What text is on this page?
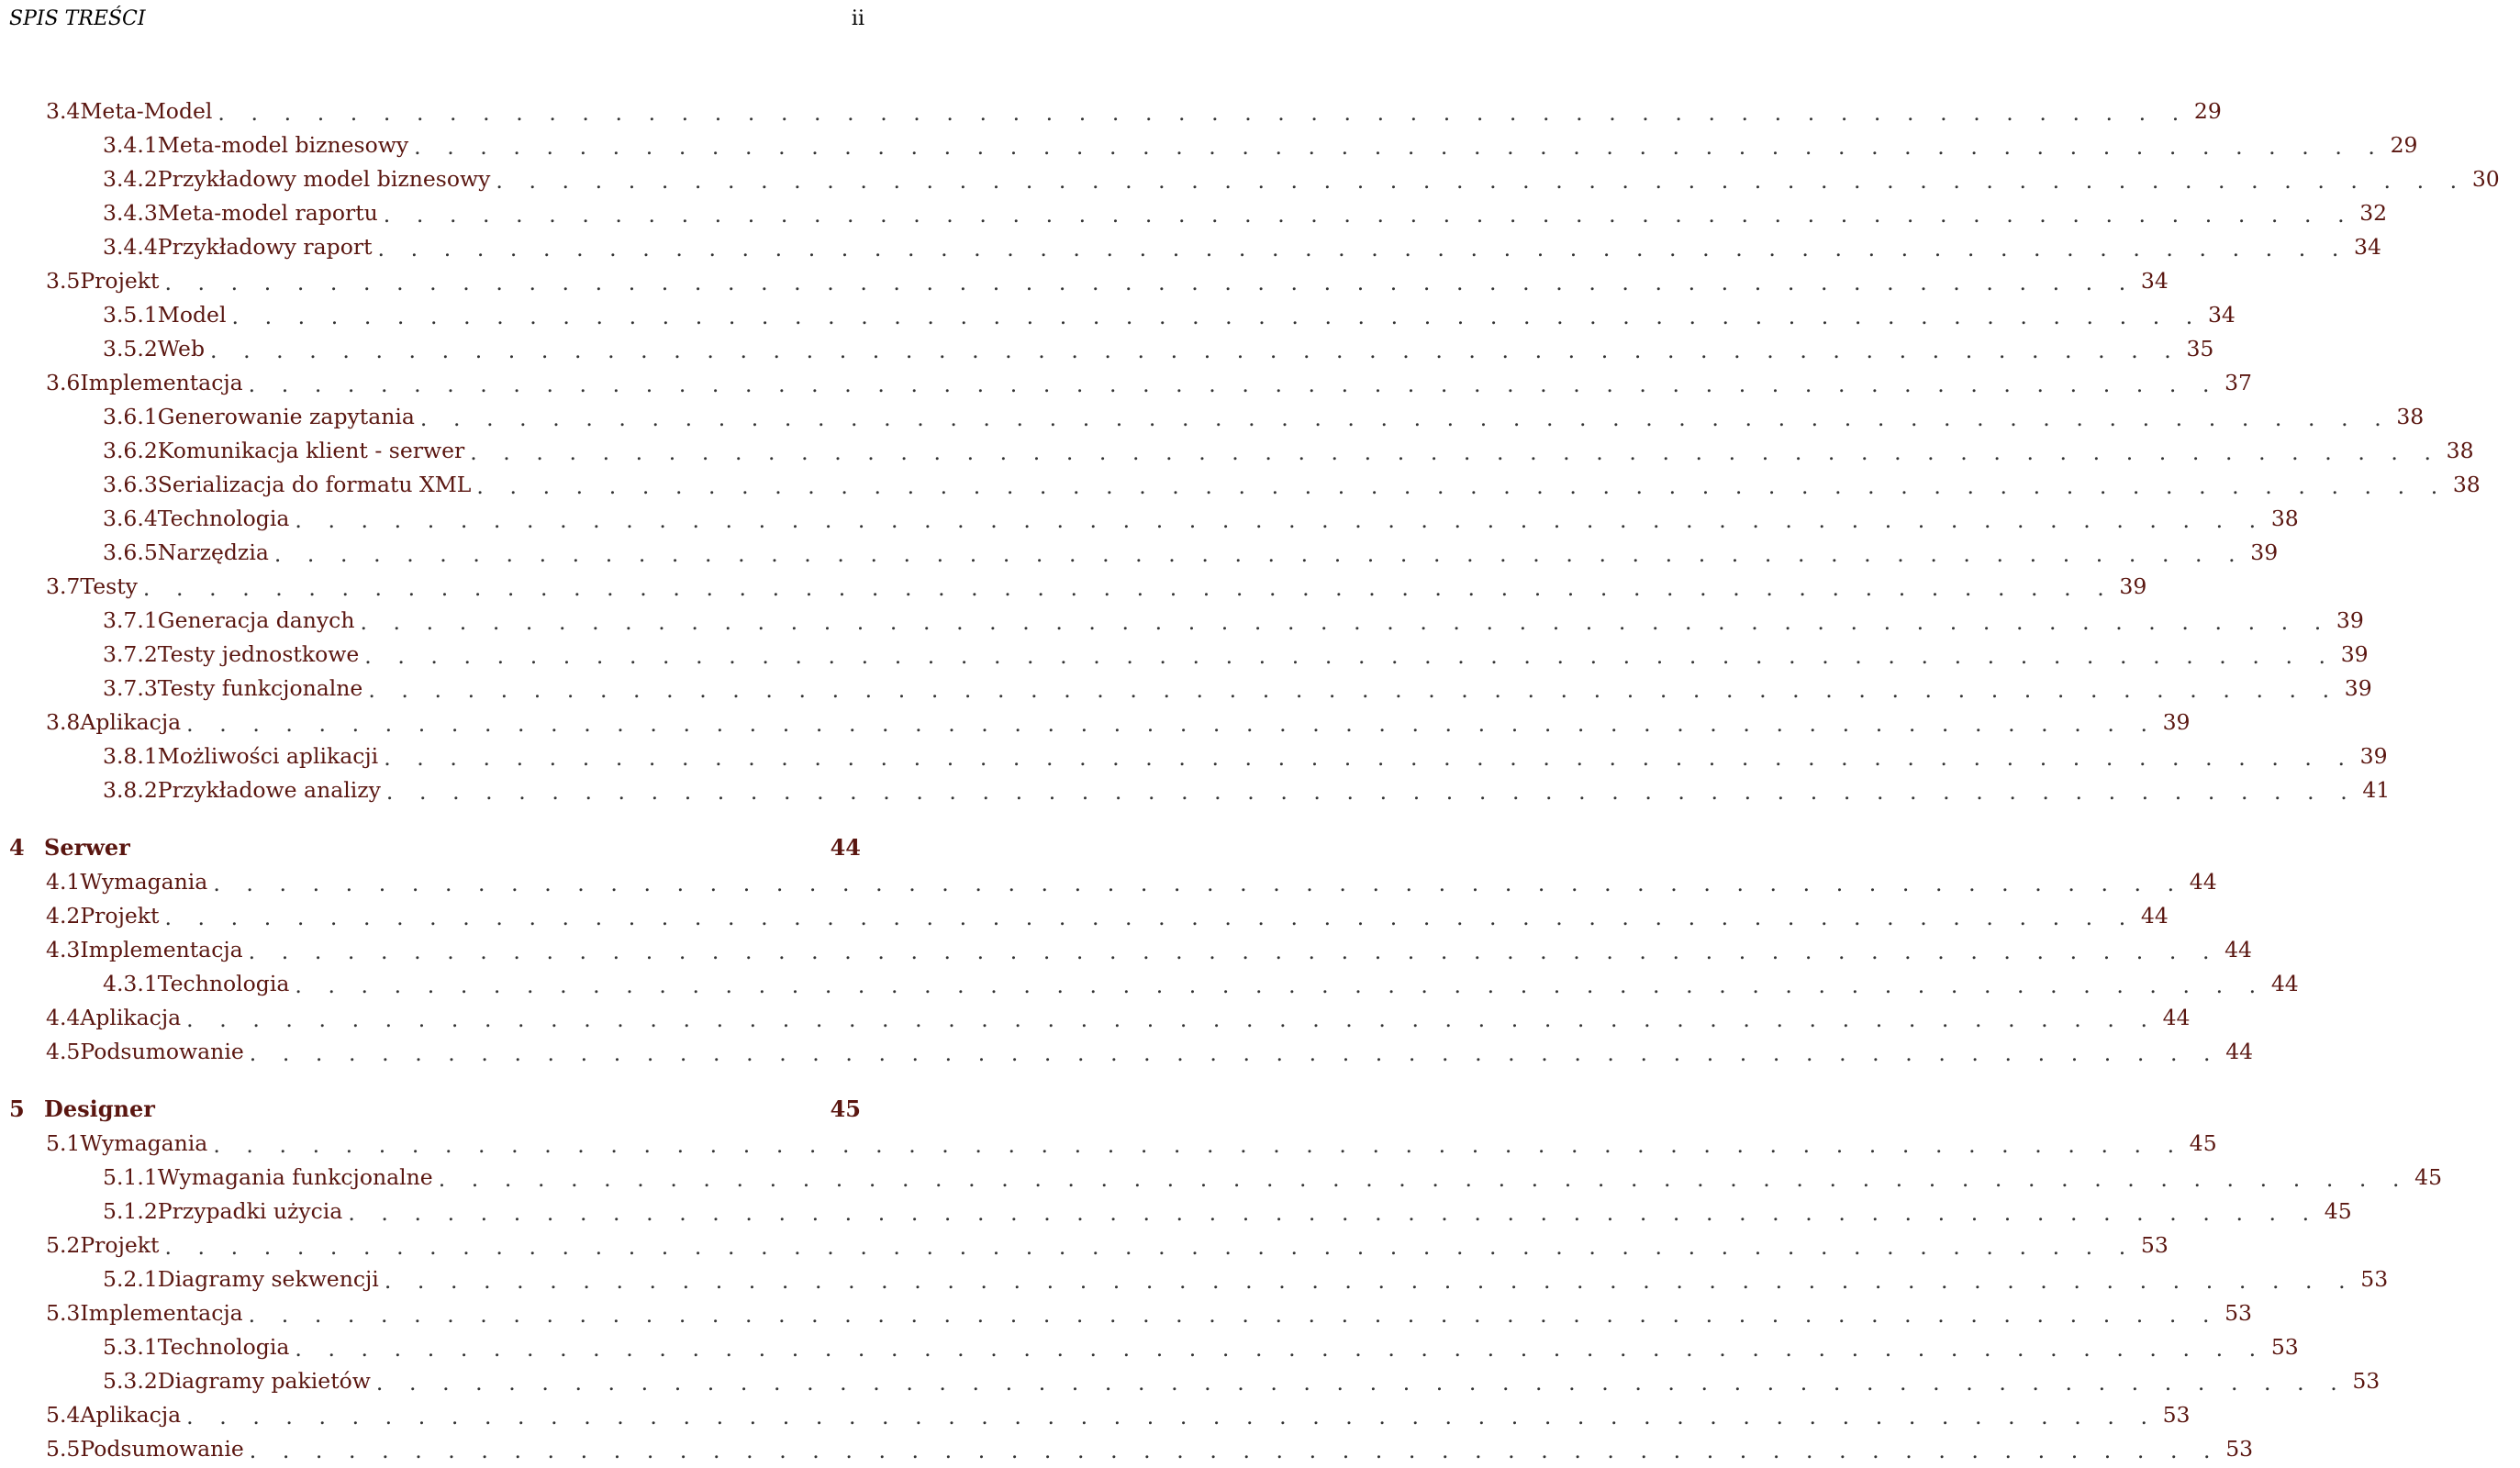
SPIS TREŚCI	ii
3.4 Meta-Model . . . . . . . . . . . . . . . . . . . . . . . . . . . . . . . . . . . . . . . . . . . . . . . . . . . . . . . . . . . . 29
3.4.1 Meta-model biznesowy . . . . . . . . . . . . . . . . . . . . . . . . . . . . . . . . . . . . . . . . . . . . . . . . . . . . . . . . . . . . 29
3.4.2 Przykładowy model biznesowy . . . . . . . . . . . . . . . . . . . . . . . . . . . . . . . . . . . . . . . . . . . . . . . . . . . . . . . . . . . . 30
3.4.3 Meta-model raportu . . . . . . . . . . . . . . . . . . . . . . . . . . . . . . . . . . . . . . . . . . . . . . . . . . . . . . . . . . . . 32
3.4.4 Przykładowy raport . . . . . . . . . . . . . . . . . . . . . . . . . . . . . . . . . . . . . . . . . . . . . . . . . . . . . . . . . . . . 34
3.5 Projekt . . . . . . . . . . . . . . . . . . . . . . . . . . . . . . . . . . . . . . . . . . . . . . . . . . . . . . . . . . . . 34
3.5.1 Model . . . . . . . . . . . . . . . . . . . . . . . . . . . . . . . . . . . . . . . . . . . . . . . . . . . . . . . . . . . . 34
3.5.2 Web . . . . . . . . . . . . . . . . . . . . . . . . . . . . . . . . . . . . . . . . . . . . . . . . . . . . . . . . . . . . 35
3.6 Implementacja . . . . . . . . . . . . . . . . . . . . . . . . . . . . . . . . . . . . . . . . . . . . . . . . . . . . . . . . . . . . 37
3.6.1 Generowanie zapytania . . . . . . . . . . . . . . . . . . . . . . . . . . . . . . . . . . . . . . . . . . . . . . . . . . . . . . . . . . . . 38
3.6.2 Komunikacja klient - serwer . . . . . . . . . . . . . . . . . . . . . . . . . . . . . . . . . . . . . . . . . . . . . . . . . . . . . . . . . . . . 38
3.6.3 Serializacja do formatu XML . . . . . . . . . . . . . . . . . . . . . . . . . . . . . . . . . . . . . . . . . . . . . . . . . . . . . . . . . . . . 38
3.6.4 Technologia . . . . . . . . . . . . . . . . . . . . . . . . . . . . . . . . . . . . . . . . . . . . . . . . . . . . . . . . . . . . 38
3.6.5 Narzędzia . . . . . . . . . . . . . . . . . . . . . . . . . . . . . . . . . . . . . . . . . . . . . . . . . . . . . . . . . . . . 39
3.7 Testy . . . . . . . . . . . . . . . . . . . . . . . . . . . . . . . . . . . . . . . . . . . . . . . . . . . . . . . . . . . . 39
3.7.1 Generacja danych . . . . . . . . . . . . . . . . . . . . . . . . . . . . . . . . . . . . . . . . . . . . . . . . . . . . . . . . . . . . 39
3.7.2 Testy jednostkowe . . . . . . . . . . . . . . . . . . . . . . . . . . . . . . . . . . . . . . . . . . . . . . . . . . . . . . . . . . . . 39
3.7.3 Testy funkcjonalne . . . . . . . . . . . . . . . . . . . . . . . . . . . . . . . . . . . . . . . . . . . . . . . . . . . . . . . . . . . . 39
3.8 Aplikacja . . . . . . . . . . . . . . . . . . . . . . . . . . . . . . . . . . . . . . . . . . . . . . . . . . . . . . . . . . . . 39
3.8.1 Możliwości aplikacji . . . . . . . . . . . . . . . . . . . . . . . . . . . . . . . . . . . . . . . . . . . . . . . . . . . . . . . . . . . . 39
3.8.2 Przykładowe analizy . . . . . . . . . . . . . . . . . . . . . . . . . . . . . . . . . . . . . . . . . . . . . . . . . . . . . . . . . . . . 41
4 Serwer	44
4.1 Wymagania . . . . . . . . . . . . . . . . . . . . . . . . . . . . . . . . . . . . . . . . . . . . . . . . . . . . . . . . . . . . 44
4.2 Projekt . . . . . . . . . . . . . . . . . . . . . . . . . . . . . . . . . . . . . . . . . . . . . . . . . . . . . . . . . . . . 44
4.3 Implementacja . . . . . . . . . . . . . . . . . . . . . . . . . . . . . . . . . . . . . . . . . . . . . . . . . . . . . . . . . . . . 44
4.3.1 Technologia . . . . . . . . . . . . . . . . . . . . . . . . . . . . . . . . . . . . . . . . . . . . . . . . . . . . . . . . . . . . 44
4.4 Aplikacja . . . . . . . . . . . . . . . . . . . . . . . . . . . . . . . . . . . . . . . . . . . . . . . . . . . . . . . . . . . . 44
4.5 Podsumowanie . . . . . . . . . . . . . . . . . . . . . . . . . . . . . . . . . . . . . . . . . . . . . . . . . . . . . . . . . . . . 44
5 Designer	45
5.1 Wymagania . . . . . . . . . . . . . . . . . . . . . . . . . . . . . . . . . . . . . . . . . . . . . . . . . . . . . . . . . . . . 45
5.1.1 Wymagania funkcjonalne . . . . . . . . . . . . . . . . . . . . . . . . . . . . . . . . . . . . . . . . . . . . . . . . . . . . . . . . . . . . 45
5.1.2 Przypadki użycia . . . . . . . . . . . . . . . . . . . . . . . . . . . . . . . . . . . . . . . . . . . . . . . . . . . . . . . . . . . . 45
5.2 Projekt . . . . . . . . . . . . . . . . . . . . . . . . . . . . . . . . . . . . . . . . . . . . . . . . . . . . . . . . . . . . 53
5.2.1 Diagramy sekwencji . . . . . . . . . . . . . . . . . . . . . . . . . . . . . . . . . . . . . . . . . . . . . . . . . . . . . . . . . . . . 53
5.3 Implementacja . . . . . . . . . . . . . . . . . . . . . . . . . . . . . . . . . . . . . . . . . . . . . . . . . . . . . . . . . . . . 53
5.3.1 Technologia . . . . . . . . . . . . . . . . . . . . . . . . . . . . . . . . . . . . . . . . . . . . . . . . . . . . . . . . . . . . 53
5.3.2 Diagramy pakietów . . . . . . . . . . . . . . . . . . . . . . . . . . . . . . . . . . . . . . . . . . . . . . . . . . . . . . . . . . . . 53
5.4 Aplikacja . . . . . . . . . . . . . . . . . . . . . . . . . . . . . . . . . . . . . . . . . . . . . . . . . . . . . . . . . . . . 53
5.5 Podsumowanie . . . . . . . . . . . . . . . . . . . . . . . . . . . . . . . . . . . . . . . . . . . . . . . . . . . . . . . . . . . . 53
